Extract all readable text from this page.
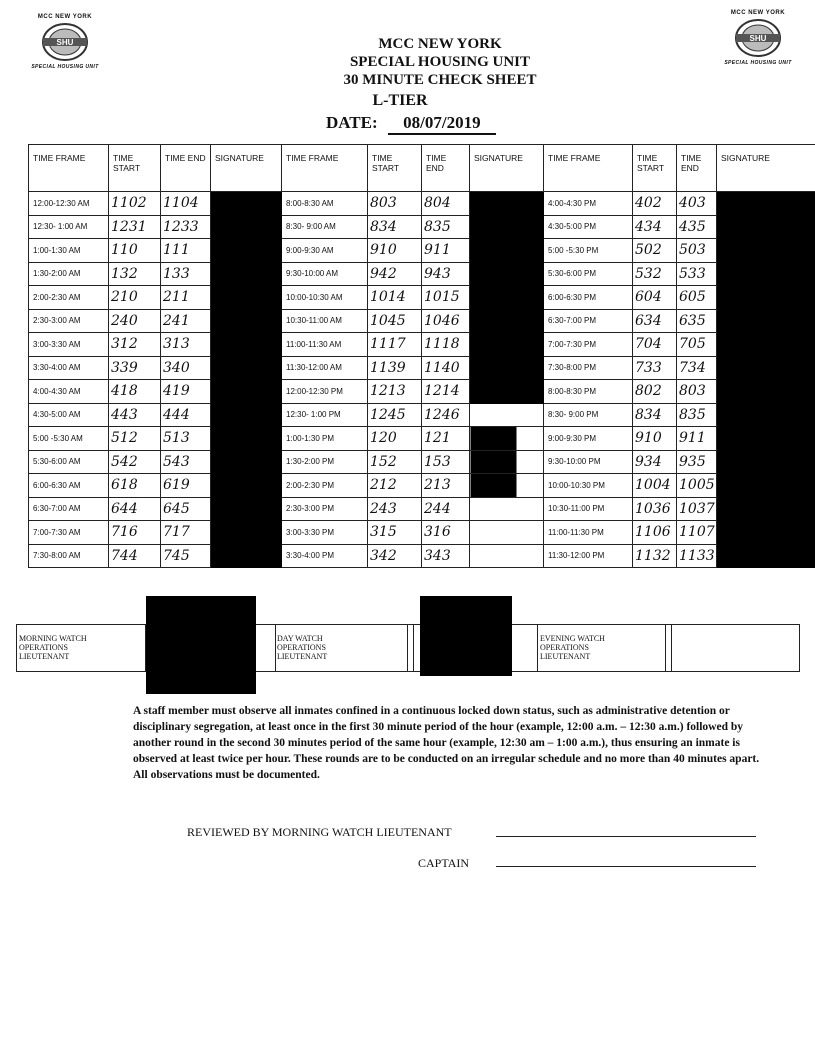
MCC NEW YORK
SHU
SPECIAL HOUSING UNIT
MCC NEW YORK
SHU
SPECIAL HOUSING UNIT
MCC NEW YORK
SPECIAL HOUSING UNIT
30 MINUTE CHECK SHEET
L-TIER
DATE: 08/07/2019
TIME FRAME	TIME START	TIME END	SIGNATURE	TIME FRAME	TIME START	TIME END	SIGNATURE	TIME FRAME	TIME START	TIME END	SIGNATURE
12:00-12:30 AM	1102	1104		8:00-8:30 AM	803	804		4:00-4:30 PM	402	403	
12:30- 1:00 AM	1231	1233		8:30- 9:00 AM	834	835		4:30-5:00 PM	434	435	
1:00-1:30 AM	110	111		9:00-9:30 AM	910	911		5:00 -5:30 PM	502	503	
1:30-2:00 AM	132	133		9:30-10:00 AM	942	943		5:30-6:00 PM	532	533	
2:00-2:30 AM	210	211		10:00-10:30 AM	1014	1015		6:00-6:30 PM	604	605	
2:30-3:00 AM	240	241		10:30-11:00 AM	1045	1046		6:30-7:00 PM	634	635	
3:00-3:30 AM	312	313		11:00-11:30 AM	1117	1118		7:00-7:30 PM	704	705	
3:30-4:00 AM	339	340		11:30-12:00 AM	1139	1140		7:30-8:00 PM	733	734	
4:00-4:30 AM	418	419		12:00-12:30 PM	1213	1214		8:00-8:30 PM	802	803	
4:30-5:00 AM	443	444		12:30- 1:00 PM	1245	1246		8:30- 9:00 PM	834	835	
5:00 -5:30 AM	512	513		1:00-1:30 PM	120	121		9:00-9:30 PM	910	911	
5:30-6:00 AM	542	543		1:30-2:00 PM	152	153		9:30-10:00 PM	934	935	
6:00-6:30 AM	618	619		2:00-2:30 PM	212	213		10:00-10:30 PM	1004	1005	
6:30-7:00 AM	644	645		2:30-3:00 PM	243	244		10:30-11:00 PM	1036	1037	
7:00-7:30 AM	716	717		3:00-3:30 PM	315	316		11:00-11:30 PM	1106	1107	
7:30-8:00 AM	744	745		3:30-4:00 PM	342	343		11:30-12:00 PM	1132	1133	
MORNING WATCH OPERATIONS LIEUTENANT
DAY WATCH OPERATIONS LIEUTENANT
EVENING WATCH OPERATIONS LIEUTENANT
A staff member must observe all inmates confined in a continuous locked down status, such as administrative detention or disciplinary segregation, at least once in the first 30 minute period of the hour (example, 12:00 a.m. – 12:30 a.m.) followed by another round in the second 30 minutes period of the same hour (example, 12:30 am – 1:00 a.m.), thus ensuring an inmate is observed at least twice per hour. These rounds are to be conducted on an irregular schedule and no more than 40 minutes apart. All observations must be documented.
REVIEWED BY MORNING WATCH LIEUTENANT
CAPTAIN
